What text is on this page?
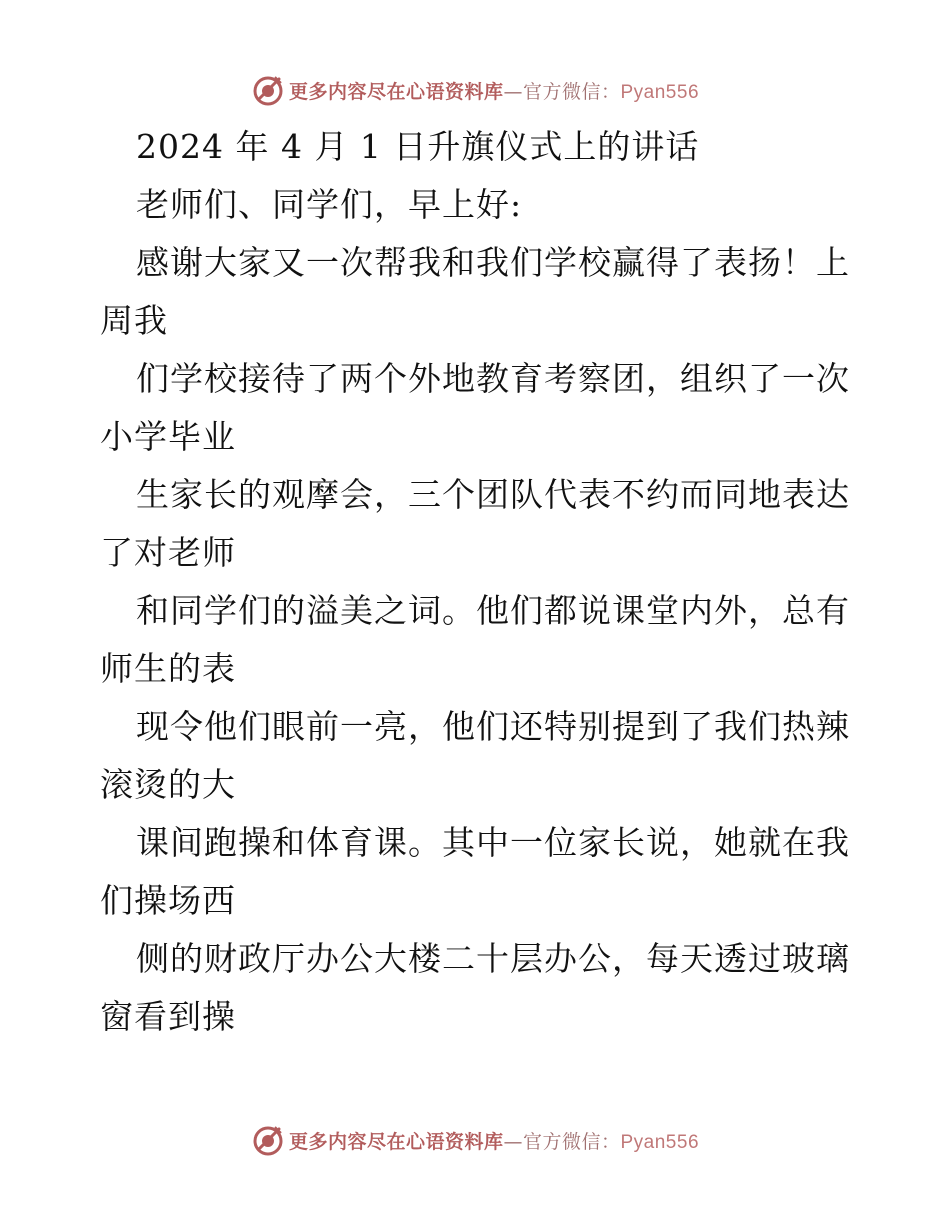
更多内容尽在心语资料库—官方微信：Pyan556
2024 年 4 月 1 日升旗仪式上的讲话
老师们、同学们，早上好:
感谢大家又一次帮我和我们学校赢得了表扬！上
周我
们学校接待了两个外地教育考察团，组织了一次
小学毕业
生家长的观摩会，三个团队代表不约而同地表达
了对老师
和同学们的溢美之词。他们都说课堂内外，总有
师生的表
现令他们眼前一亮，他们还特别提到了我们热辣
滚烫的大
课间跑操和体育课。其中一位家长说，她就在我
们操场西
侧的财政厅办公大楼二十层办公，每天透过玻璃
窗看到操
更多内容尽在心语资料库—官方微信：Pyan556
